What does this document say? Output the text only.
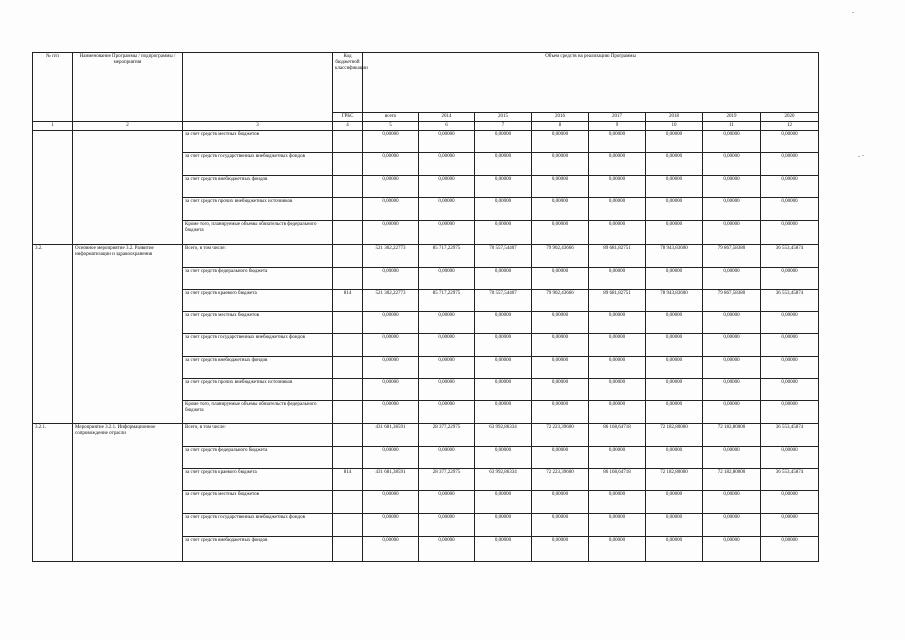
№ п/п	Наименование Программы / подпрограммы / мероприятия		Код бюджетной классификации	Объем средств на реализацию Программы							
			ГРБС	всего	2014	2015	2016	2017	2018	2019	2020
1	2	3	4	5	6	7	8	9	10	11	12
		за счет средств местных бюджетов		0,00000	0,00000	0,00000	0,00000	0,00000	0,00000	0,00000	0,00000
		за счет средств государственных внебюджетных фондов		0,00000	0,00000	0,00000	0,00000	0,00000	0,00000	0,00000	0,00000
		за счет средств внебюджетных фондов		0,00000	0,00000	0,00000	0,00000	0,00000	0,00000	0,00000	0,00000
		за счет средств прочих внебюджетных источников		0,00000	0,00000	0,00000	0,00000	0,00000	0,00000	0,00000	0,00000
		Кроме того, планируемые объемы обязательств федерального бюджета		0,00000	0,00000	0,00000	0,00000	0,00000	0,00000	0,00000	0,00000
3.2.	Основное мероприятие 3.2. Развитие информатизации и здравоохранения	Всего, в том числе:		521 302,22773	85 717,22975	70 557,54407	79 902,43666	89 681,82751	78 943,83600	79 867,58380	36 553,45874
		за счет средств федерального бюджета		0,00000	0,00000	0,00000	0,00000	0,00000	0,00000	0,00000	0,00000
		за счет средств краевого бюджета	814	521 302,22773	85 717,22975	70 557,54407	79 902,43666	89 681,82751	78 943,83600	79 867,58380	36 553,45874
		за счет средств местных бюджетов		0,00000	0,00000	0,00000	0,00000	0,00000	0,00000	0,00000	0,00000
		за счет средств государственных внебюджетных фондов		0,00000	0,00000	0,00000	0,00000	0,00000	0,00000	0,00000	0,00000
		за счет средств внебюджетных фондов		0,00000	0,00000	0,00000	0,00000	0,00000	0,00000	0,00000	0,00000
		за счет средств прочих внебюджетных источников		0,00000	0,00000	0,00000	0,00000	0,00000	0,00000	0,00000	0,00000
		Кроме того, планируемые объемы обязательств федерального бюджета		0,00000	0,00000	0,00000	0,00000	0,00000	0,00000	0,00000	0,00000
3.2.1.	Мероприятие 3.2.1. Информационное сопровождение отрасли	Всего, в том числе:		431 681,38591	28 377,22975	63 992,86334	72 223,39600	86 168,64718	72 182,80000	72 182,80000	36 553,45874
		за счет средств федерального бюджета		0,00000	0,00000	0,00000	0,00000	0,00000	0,00000	0,00000	0,00000
		за счет средств краевого бюджета	814	431 681,38591	28 377,22975	63 992,86334	72 223,39600	86 168,64718	72 182,80000	72 182,80000	36 553,45874
		за счет средств местных бюджетов		0,00000	0,00000	0,00000	0,00000	0,00000	0,00000	0,00000	0,00000
		за счет средств государственных внебюджетных фондов		0,00000	0,00000	0,00000	0,00000	0,00000	0,00000	0,00000	0,00000
		за счет средств внебюджетных фондов		0,00000	0,00000	0,00000	0,00000	0,00000	0,00000	0,00000	0,00000
